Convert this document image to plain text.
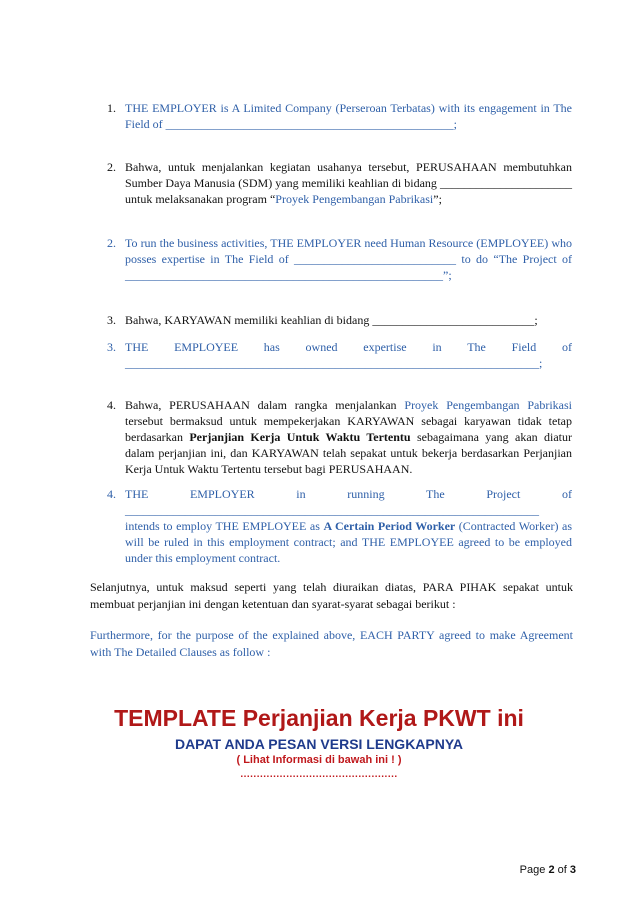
1. THE EMPLOYER is A Limited Company (Perseroan Terbatas) with its engagement in The Field of ________________________________________________;
2. Bahwa, untuk menjalankan kegiatan usahanya tersebut, PERUSAHAAN membutuhkan Sumber Daya Manusia (SDM) yang memiliki keahlian di bidang ______________________ untuk melaksanakan program “Proyek Pengembangan Pabrikasi”;
2. To run the business activities, THE EMPLOYER need Human Resource (EMPLOYEE) who posses expertise in The Field of ___________________________ to do “The Project of _____________________________________________________”;
3. Bahwa, KARYAWAN memiliki keahlian di bidang ___________________________;
3. THE EMPLOYEE has owned expertise in The Field of
_____________________________________________________________________;
4. Bahwa, PERUSAHAAN dalam rangka menjalankan Proyek Pengembangan Pabrikasi tersebut bermaksud untuk mempekerjakan KARYAWAN sebagai karyawan tidak tetap berdasarkan Perjanjian Kerja Untuk Waktu Tertentu sebagaimana yang akan diatur dalam perjanjian ini, dan KARYAWAN telah sepakat untuk bekerja berdasarkan Perjanjian Kerja Untuk Waktu Tertentu tersebut bagi PERUSAHAAN.
4. THE EMPLOYER in running The Project of
_____________________________________________________________________
intends to employ THE EMPLOYEE as A Certain Period Worker (Contracted Worker) as will be ruled in this employment contract; and THE EMPLOYEE agreed to be employed under this employment contract.
Selanjutnya, untuk maksud seperti yang telah diuraikan diatas, PARA PIHAK sepakat untuk membuat perjanjian ini dengan ketentuan dan syarat-syarat sebagai berikut :
Furthermore, for the purpose of the explained above, EACH PARTY agreed to make Agreement with The Detailed Clauses as follow :
TEMPLATE Perjanjian Kerja PKWT ini
DAPAT ANDA PESAN VERSI LENGKAPNYA
( Lihat Informasi di bawah ini ! )
................................................
Page 2 of 3
